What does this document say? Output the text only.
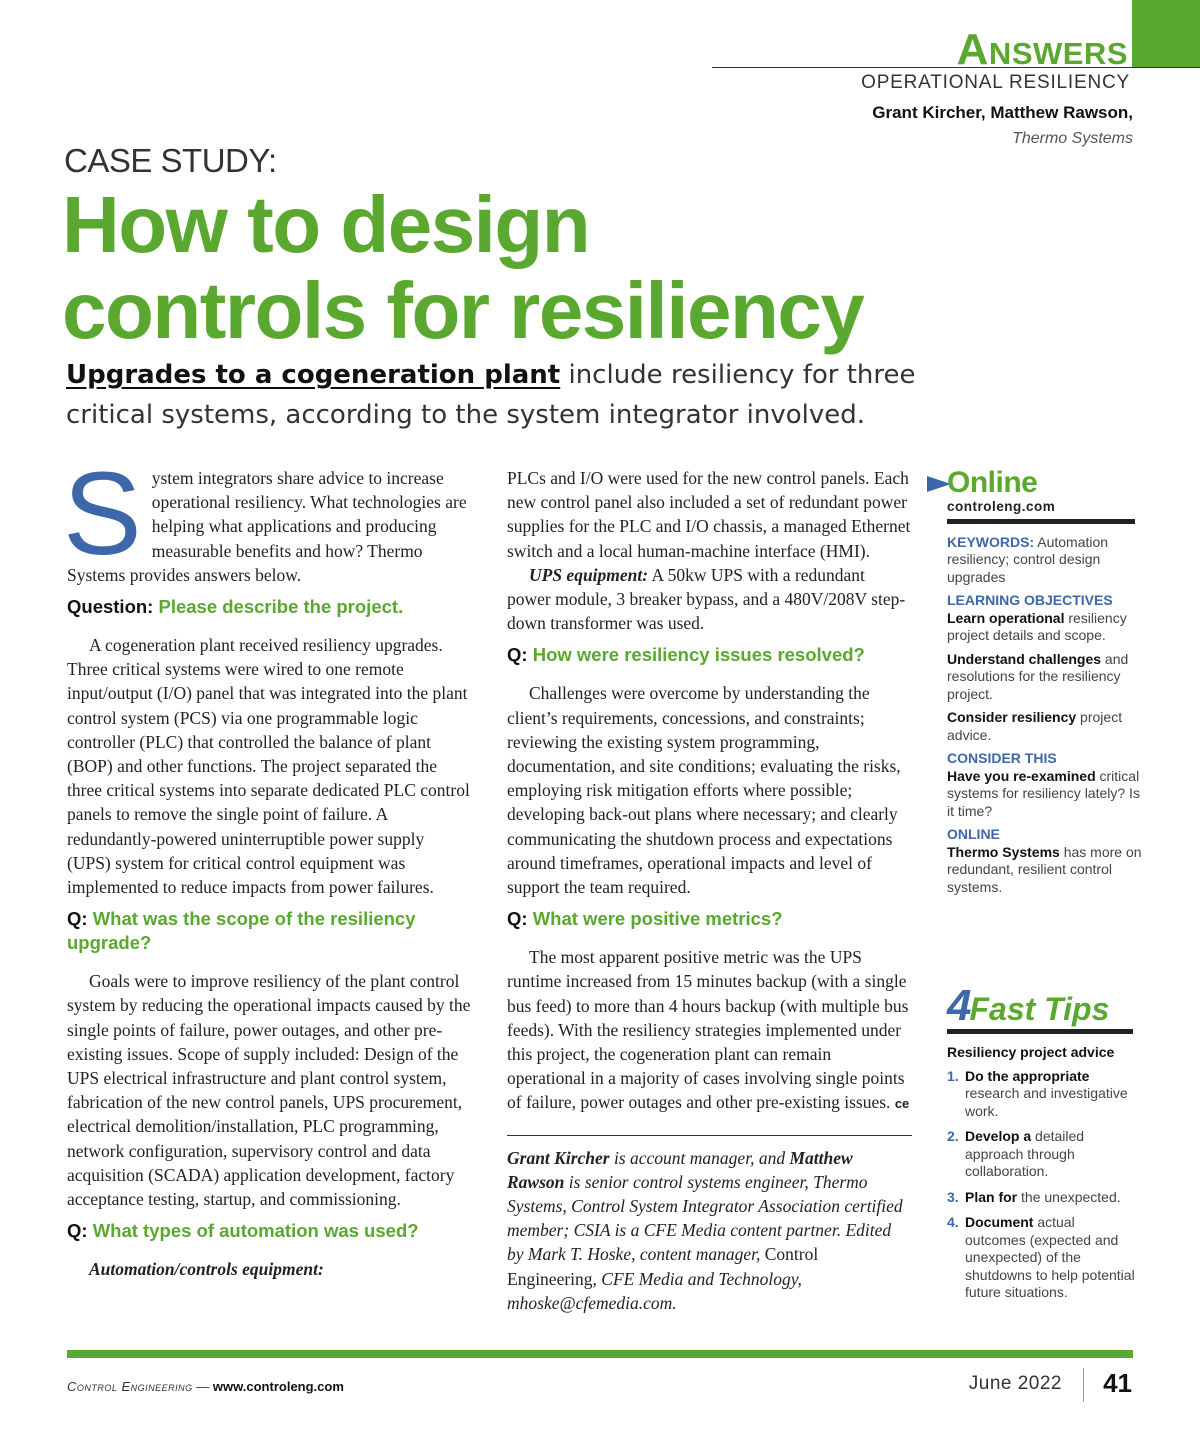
Answers
OPERATIONAL RESILIENCY
Grant Kircher, Matthew Rawson,
Thermo Systems
CASE STUDY:
How to design
controls for resiliency
Upgrades to a cogeneration plant include resiliency for three critical systems, according to the system integrator involved.

System integrators share advice to increase operational resiliency. What technologies are helping what applications and producing measurable benefits and how? Thermo Systems provides answers below.

Question: Please describe the project.

A cogeneration plant received resiliency upgrades. Three critical systems were wired to one remote input/output (I/O) panel that was integrated into the plant control system (PCS) via one programmable logic controller (PLC) that controlled the balance of plant (BOP) and other functions. The project separated the three critical systems into separate dedicated PLC control panels to remove the single point of failure. A redundantly-powered uninterruptible power supply (UPS) system for critical control equipment was implemented to reduce impacts from power failures.

Q: What was the scope of the resiliency upgrade?

Goals were to improve resiliency of the plant control system by reducing the operational impacts caused by the single points of failure, power outages, and other pre-existing issues. Scope of supply included: Design of the UPS electrical infrastructure and plant control system, fabrication of the new control panels, UPS procurement, electrical demolition/installation, PLC programming, network configuration, supervisory control and data acquisition (SCADA) application development, factory acceptance testing, startup, and commissioning.

Q: What types of automation was used?

Automation/controls equipment:

PLCs and I/O were used for the new control panels. Each new control panel also included a set of redundant power supplies for the PLC and I/O chassis, a managed Ethernet switch and a local human-machine interface (HMI).

UPS equipment: A 50kw UPS with a redundant power module, 3 breaker bypass, and a 480V/208V step-down transformer was used.

Q: How were resiliency issues resolved?

Challenges were overcome by understanding the client’s requirements, concessions, and constraints; reviewing the existing system programming, documentation, and site conditions; evaluating the risks, employing risk mitigation efforts where possible; developing back-out plans where necessary; and clearly communicating the shutdown process and expectations around timeframes, operational impacts and level of support the team required.

Q: What were positive metrics?

The most apparent positive metric was the UPS runtime increased from 15 minutes backup (with a single bus feed) to more than 4 hours backup (with multiple bus feeds). With the resiliency strategies implemented under this project, the cogeneration plant can remain operational in a majority of cases involving single points of failure, power outages and other pre-existing issues. ce

Grant Kircher is account manager, and Matthew Rawson is senior control systems engineer, Thermo Systems, Control System Integrator Association certified member; CSIA is a CFE Media content partner. Edited by Mark T. Hoske, content manager, Control Engineering, CFE Media and Technology, mhoske@cfemedia.com.

Online
controleng.com
KEYWORDS: Automation resiliency; control design upgrades
LEARNING OBJECTIVES
Learn operational resiliency project details and scope.
Understand challenges and resolutions for the resiliency project.
Consider resiliency project advice.
CONSIDER THIS
Have you re-examined critical systems for resiliency lately? Is it time?
ONLINE
Thermo Systems has more on redundant, resilient control systems.
4Fast Tips
Resiliency project advice
1. Do the appropriate research and investigative work.
2. Develop a detailed approach through collaboration.
3. Plan for the unexpected.
4. Document actual outcomes (expected and unexpected) of the shutdowns to help potential future situations.
Control Engineering — www.controleng.com	June 2022 41
